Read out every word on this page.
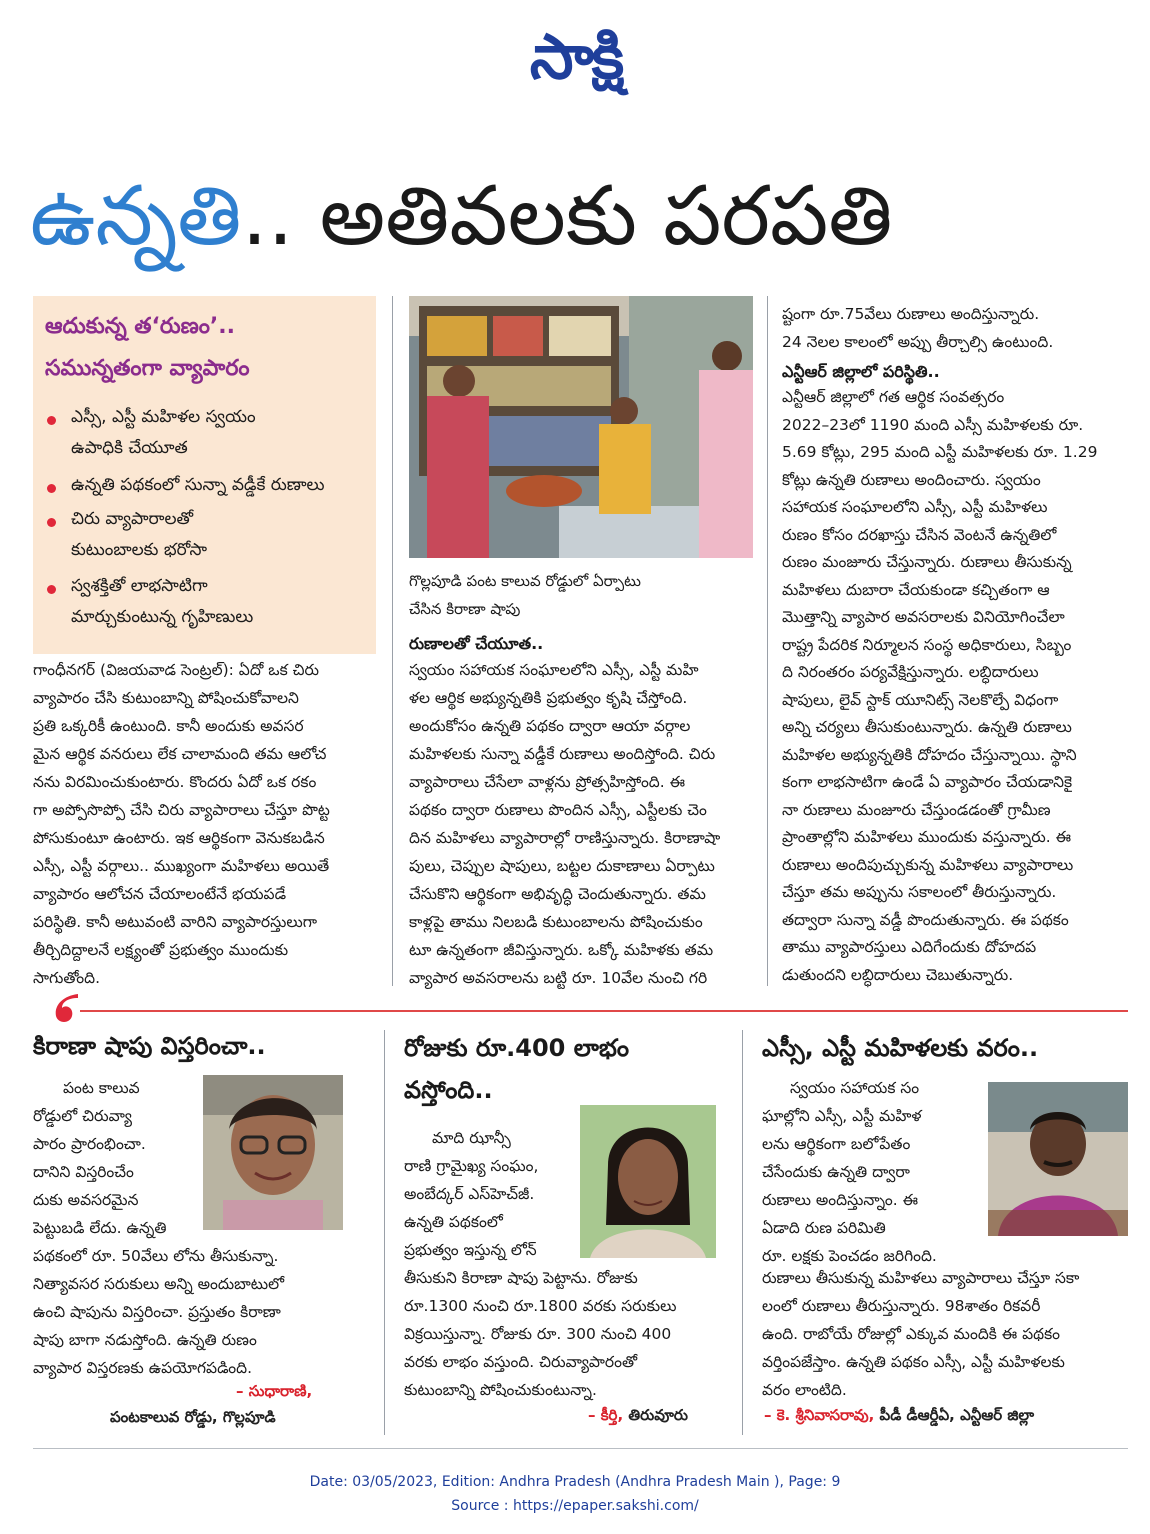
సాక్షి
ఉన్నతి.. అతివలకు పరపతి
ఆదుకున్న త‘రుణం’..
సమున్నతంగా వ్యాపారం
ఎస్సీ, ఎస్టీ మహిళల స్వయం
ఉపాధికి చేయూత
ఉన్నతి పథకంలో సున్నా వడ్డీకే రుణాలు
చిరు వ్యాపారాలతో
కుటుంబాలకు భరోసా
స్వశక్తితో లాభసాటిగా
మార్చుకుంటున్న గృహిణులు
గొల్లపూడి పంట కాలువ రోడ్డులో ఏర్పాటు
చేసిన కిరాణా షాపు
గాంధీనగర్ (విజయవాడ సెంట్రల్): ఏదో ఒక చిరు
వ్యాపారం చేసి కుటుంబాన్ని పోషించుకోవాలని
ప్రతి ఒక్కరికీ ఉంటుంది. కానీ అందుకు అవసర
మైన ఆర్థిక వనరులు లేక చాలామంది తమ ఆలోచ
నను విరమించుకుంటారు. కొందరు ఏదో ఒక రకం
గా అప్పోసొప్పో చేసి చిరు వ్యాపారాలు చేస్తూ పొట్ట
పోసుకుంటూ ఉంటారు. ఇక ఆర్థికంగా వెనుకబడిన
ఎస్సీ, ఎస్టీ వర్గాలు.. ముఖ్యంగా మహిళలు అయితే
వ్యాపారం ఆలోచన చేయాలంటేనే భయపడే
పరిస్థితి. కానీ అటువంటి వారిని వ్యాపారస్తులుగా
తీర్చిదిద్దాలనే లక్ష్యంతో ప్రభుత్వం ముందుకు
సాగుతోంది.
రుణాలతో చేయూత..
స్వయం సహాయక సంఘాలలోని ఎస్సీ, ఎస్టీ మహి
ళల ఆర్థిక అభ్యున్నతికి ప్రభుత్వం కృషి చేస్తోంది.
అందుకోసం ఉన్నతి పథకం ద్వారా ఆయా వర్గాల
మహిళలకు సున్నా వడ్డీకే రుణాలు అందిస్తోంది. చిరు
వ్యాపారాలు చేసేలా వాళ్లను ప్రోత్సహిస్తోంది. ఈ
పథకం ద్వారా రుణాలు పొందిన ఎస్సీ, ఎస్టీలకు చెం
దిన మహిళలు వ్యాపారాల్లో రాణిస్తున్నారు. కిరాణాషా
పులు, చెప్పుల షాపులు, బట్టల దుకాణాలు ఏర్పాటు
చేసుకొని ఆర్థికంగా అభివృద్ధి చెందుతున్నారు. తమ
కాళ్లపై తాము నిలబడి కుటుంబాలను పోషించుకుం
టూ ఉన్నతంగా జీవిస్తున్నారు. ఒక్కో మహిళకు తమ
వ్యాపార అవసరాలను బట్టి రూ. 10వేల నుంచి గరి
ష్టంగా రూ.75వేలు రుణాలు అందిస్తున్నారు.
24 నెలల కాలంలో అప్పు తీర్చాల్సి ఉంటుంది.
ఎన్టీఆర్ జిల్లాలో పరిస్థితి..
ఎన్టీఆర్ జిల్లాలో గత ఆర్థిక సంవత్సరం
2022–23లో 1190 మంది ఎస్సీ మహిళలకు రూ.
5.69 కోట్లు, 295 మంది ఎస్టీ మహిళలకు రూ. 1.29
కోట్లు ఉన్నతి రుణాలు అందించారు. స్వయం
సహాయక సంఘాలలోని ఎస్సీ, ఎస్టీ మహిళలు
రుణం కోసం దరఖాస్తు చేసిన వెంటనే ఉన్నతిలో
రుణం మంజూరు చేస్తున్నారు. రుణాలు తీసుకున్న
మహిళలు దుబారా చేయకుండా కచ్చితంగా ఆ
మొత్తాన్ని వ్యాపార అవసరాలకు వినియోగించేలా
రాష్ట్ర పేదరిక నిర్మూలన సంస్థ అధికారులు, సిబ్బం
ది నిరంతరం పర్యవేక్షిస్తున్నారు. లబ్ధిదారులు
షాపులు, లైవ్ స్టాక్ యూనిట్స్ నెలకొల్పే విధంగా
అన్ని చర్యలు తీసుకుంటున్నారు. ఉన్నతి రుణాలు
మహిళల అభ్యున్నతికి దోహదం చేస్తున్నాయి. స్థాని
కంగా లాభసాటిగా ఉండే ఏ వ్యాపారం చేయడానికై
నా రుణాలు మంజూరు చేస్తుండడంతో గ్రామీణ
ప్రాంతాల్లోని మహిళలు ముందుకు వస్తున్నారు. ఈ
రుణాలు అందిపుచ్చుకున్న మహిళలు వ్యాపారాలు
చేస్తూ తమ అప్పును సకాలంలో తీరుస్తున్నారు.
తద్వారా సున్నా వడ్డీ పొందుతున్నారు. ఈ పథకం
తాము వ్యాపారస్తులు ఎదిగేందుకు దోహదప
డుతుందని లబ్ధిదారులు చెబుతున్నారు.
కిరాణా షాపు విస్తరించా..
పంట కాలువ
రోడ్డులో చిరువ్యా
పారం ప్రారంభించా.
దానిని విస్తరించేం
దుకు అవసరమైన
పెట్టుబడి లేదు. ఉన్నతి
పథకంలో రూ. 50వేలు లోను తీసుకున్నా.
నిత్యావసర సరుకులు అన్ని అందుబాటులో
ఉంచి షాపును విస్తరించా. ప్రస్తుతం కిరాణా
షాపు బాగా నడుస్తోంది. ఉన్నతి రుణం
వ్యాపార విస్తరణకు ఉపయోగపడింది.
– సుధారాణి,
పంటకాలువ రోడ్డు, గొల్లపూడి
రోజుకు రూ.400 లాభం
వస్తోంది..
మాది ఝాన్సీ
రాణి గ్రామైఖ్య సంఘం,
అంబేద్కర్ ఎస్‌హెచ్‌జీ.
ఉన్నతి పథకంలో
ప్రభుత్వం ఇస్తున్న లోన్
తీసుకుని కిరాణా షాపు పెట్టాను. రోజుకు
రూ.1300 నుంచి రూ.1800 వరకు సరుకులు
విక్రయిస్తున్నా. రోజుకు రూ. 300 నుంచి 400
వరకు లాభం వస్తుంది. చిరువ్యాపారంతో
కుటుంబాన్ని పోషించుకుంటున్నా.
– కీర్తి, తిరువూరు
ఎస్సీ, ఎస్టీ మహిళలకు వరం..
స్వయం సహాయక సం
ఘాల్లోని ఎస్సీ, ఎస్టీ మహిళ
లను ఆర్థికంగా బలోపేతం
చేసేందుకు ఉన్నతి ద్వారా
రుణాలు అందిస్తున్నాం. ఈ
ఏడాది రుణ పరిమితి
రూ. లక్షకు పెంచడం జరిగింది.
రుణాలు తీసుకున్న మహిళలు వ్యాపారాలు చేస్తూ సకా
లంలో రుణాలు తీరుస్తున్నారు. 98శాతం రికవరీ
ఉంది. రాబోయే రోజుల్లో ఎక్కువ మందికి ఈ పథకం
వర్తింపజేస్తాం. ఉన్నతి పథకం ఎస్సీ, ఎస్టీ మహిళలకు
వరం లాంటిది.
– కె. శ్రీనివాసరావు, పీడీ డీఆర్డీఏ, ఎన్టీఆర్ జిల్లా
Date: 03/05/2023, Edition: Andhra Pradesh (Andhra Pradesh Main ), Page: 9
Source : https://epaper.sakshi.com/
